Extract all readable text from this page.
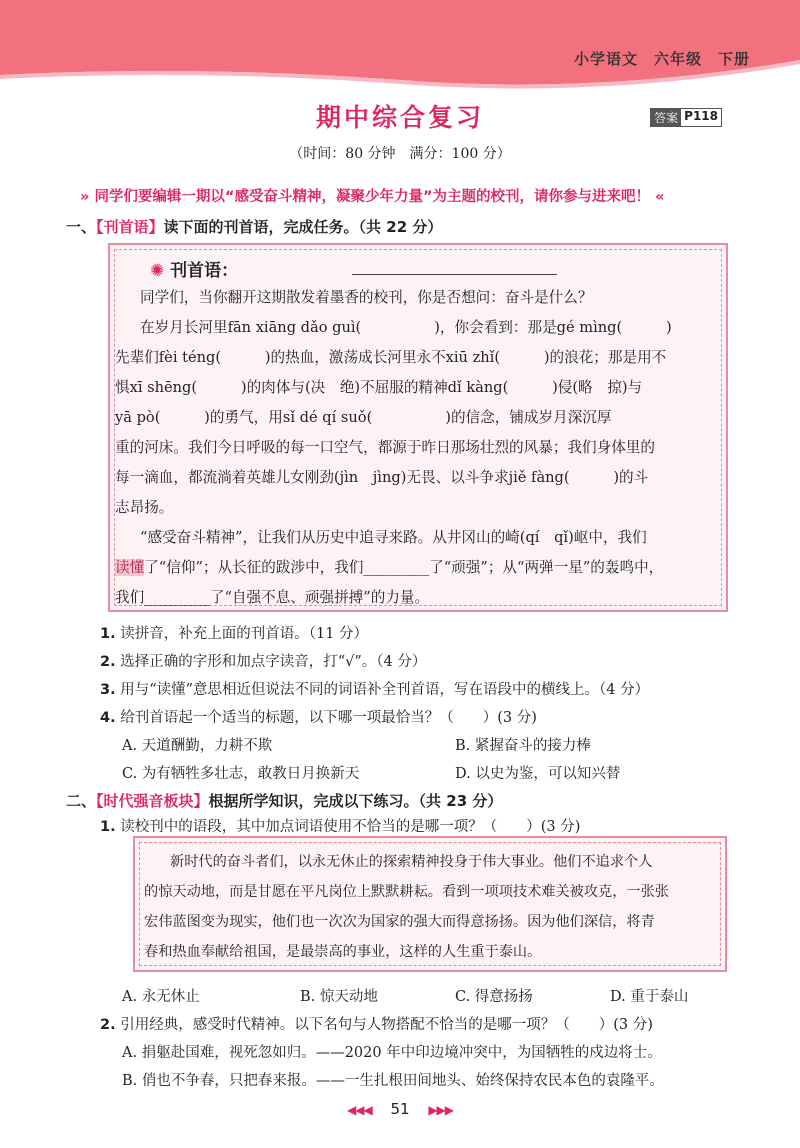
小学语文　六年级　下册
期中综合复习	答案 P118
（时间：80 分钟　满分：100 分）
» 同学们要编辑一期以“感受奋斗精神，凝聚少年力量”为主题的校刊，请你参与进来吧！ «
一、【刊首语】读下面的刊首语，完成任务。（共 22 分）
✺ 刊首语：
同学们，当你翻开这期散发着墨香的校刊，你是否想问：奋斗是什么？
在岁月长河里fān xiāng dǎo guì(　　　　　)，你会看到：那是gé mìng(　　　)
先辈们fèi téng(　　　)的热血，激荡成长河里永不xiū zhǐ(　　　)的浪花；那是用不
惧xī shēng(　　　)的肉体与(决　绝)不屈服的精神dǐ kàng(　　　)侵(略　掠)与
yā pò(　　　)的勇气，用sǐ dé qí suǒ(　　　　　)的信念，铺成岁月深沉厚
重的河床。我们今日呼吸的每一口空气，都源于昨日那场壮烈的风暴；我们身体里的
每一滴血，都流淌着英雄儿女刚劲(jìn　jìng)无畏、以斗争求jiě fàng(　　　)的斗
志昂扬。
“感受奋斗精神”，让我们从历史中追寻来路。从井冈山的崎(qí　qǐ)岖中，我们
读懂了“信仰”；从长征的跋涉中，我们_________了“顽强”；从“两弹一星”的轰鸣中，
我们_________了“自强不息、顽强拼搏”的力量。
1. 读拼音，补充上面的刊首语。（11 分）
2. 选择正确的字形和加点字读音，打“√”。（4 分）
3. 用与“读懂”意思相近但说法不同的词语补全刊首语，写在语段中的横线上。（4 分）
4. 给刊首语起一个适当的标题，以下哪一项最恰当？（　　）(3 分)
A. 天道酬勤，力耕不欺	B. 紧握奋斗的接力棒
C. 为有牺牲多壮志，敢教日月换新天	D. 以史为鉴，可以知兴替
二、【时代强音板块】根据所学知识，完成以下练习。（共 23 分）
1. 读校刊中的语段，其中加点词语使用不恰当的是哪一项？（　　）(3 分)
新时代的奋斗者们，以永无休止的探索精神投身于伟大事业。他们不追求个人
的惊天动地，而是甘愿在平凡岗位上默默耕耘。看到一项项技术难关被攻克，一张张
宏伟蓝图变为现实，他们也一次次为国家的强大而得意扬扬。因为他们深信，将青
春和热血奉献给祖国，是最崇高的事业，这样的人生重于泰山。
A. 永无休止	B. 惊天动地	C. 得意扬扬	D. 重于泰山
2. 引用经典，感受时代精神。以下名句与人物搭配不恰当的是哪一项？（　　）(3 分)
A. 捐躯赴国难，视死忽如归。——2020 年中印边境冲突中，为国牺牲的戍边将士。
B. 俏也不争春，只把春来报。——一生扎根田间地头、始终保持农民本色的袁隆平。
◀◀◀ 51 ▶▶▶
